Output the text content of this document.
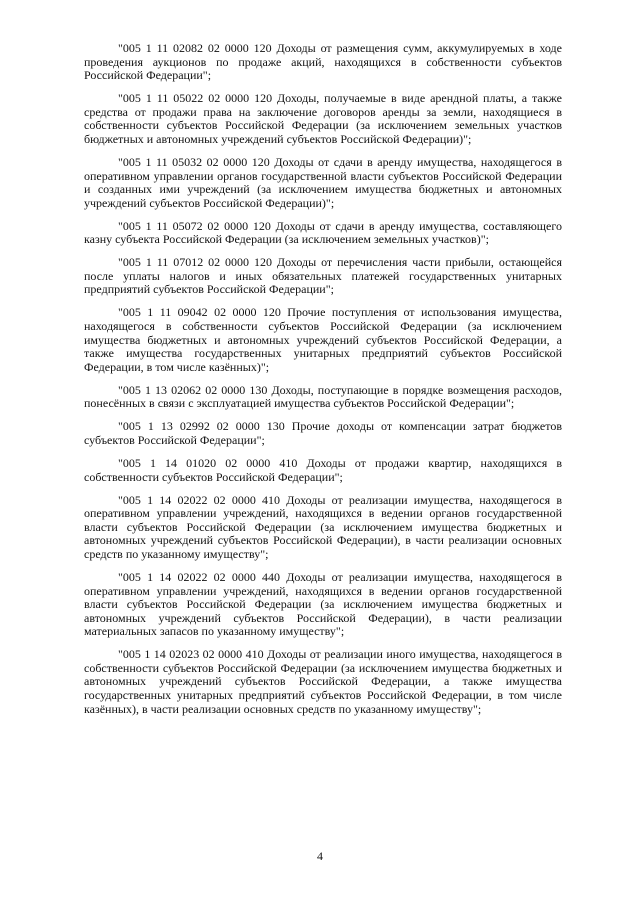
"005 1 11 02082 02 0000 120 Доходы от размещения сумм, аккумулируемых в ходе проведения аукционов по продаже акций, находящихся в собственности субъектов Российской Федерации";

"005 1 11 05022 02 0000 120 Доходы, получаемые в виде арендной платы, а также средства от продажи права на заключение договоров аренды за земли, находящиеся в собственности субъектов Российской Федерации (за исключением земельных участков бюджетных и автономных учреждений субъектов Российской Федерации)";

"005 1 11 05032 02 0000 120 Доходы от сдачи в аренду имущества, находящегося в оперативном управлении органов государственной власти субъектов Российской Федерации и созданных ими учреждений (за исключением имущества бюджетных и автономных учреждений субъектов Российской Федерации)";

"005 1 11 05072 02 0000 120 Доходы от сдачи в аренду имущества, составляющего казну субъекта Российской Федерации (за исключением земельных участков)";

"005 1 11 07012 02 0000 120 Доходы от перечисления части прибыли, остающейся после уплаты налогов и иных обязательных платежей государственных унитарных предприятий субъектов Российской Федерации";

"005 1 11 09042 02 0000 120 Прочие поступления от использования имущества, находящегося в собственности субъектов Российской Федерации (за исключением имущества бюджетных и автономных учреждений субъектов Российской Федерации, а также имущества государственных унитарных предприятий субъектов Российской Федерации, в том числе казённых)";

"005 1 13 02062 02 0000 130 Доходы, поступающие в порядке возмещения расходов, понесённых в связи с эксплуатацией имущества субъектов Российской Федерации";

"005 1 13 02992 02 0000 130 Прочие доходы от компенсации затрат бюджетов субъектов Российской Федерации";

"005 1 14 01020 02 0000 410 Доходы от продажи квартир, находящихся в собственности субъектов Российской Федерации";

"005 1 14 02022 02 0000 410 Доходы от реализации имущества, находящегося в оперативном управлении учреждений, находящихся в ведении органов государственной власти субъектов Российской Федерации (за исключением имущества бюджетных и автономных учреждений субъектов Российской Федерации), в части реализации основных средств по указанному имуществу";

"005 1 14 02022 02 0000 440 Доходы от реализации имущества, находящегося в оперативном управлении учреждений, находящихся в ведении органов государственной власти субъектов Российской Федерации (за исключением имущества бюджетных и автономных учреждений субъектов Российской Федерации), в части реализации материальных запасов по указанному имуществу";

"005 1 14 02023 02 0000 410 Доходы от реализации иного имущества, находящегося в собственности субъектов Российской Федерации (за исключением имущества бюджетных и автономных учреждений субъектов Российской Федерации, а также имущества государственных унитарных предприятий субъектов Российской Федерации, в том числе казённых), в части реализации основных средств по указанному имуществу";

4
